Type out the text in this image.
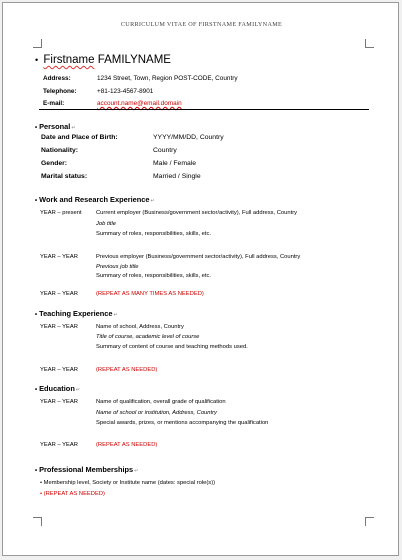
CURRICULUM VITAE OF FIRSTNAME FAMILYNAME
• Firstname FAMILYNAME
Address:	1234 Street, Town, Region POST-CODE, Country
Telephone:	+81-123-4567-8901
E-mail:	account.name@email.domain
• Personal↵
Date and Place of Birth:	YYYY/MM/DD, Country
Nationality:	Country
Gender:	Male / Female
Marital status:	Married / Single
• Work and Research Experience↵
YEAR – present Current employer (Business/government sector/activity), Full address, Country
Job title
Summary of roles, responsibilities, skills, etc.
YEAR – YEAR	Previous employer (Business/government sector/activity), Full address, Country
Previous job title
Summary of roles, responsibilities, skills, etc.
YEAR – YEAR	(REPEAT AS MANY TIMES AS NEEDED)
• Teaching Experience↵
YEAR – YEAR	Name of school, Address, Country
Title of course, academic level of course
Summary of content of course and teaching methods used.
YEAR – YEAR	(REPEAT AS NEEDED)
• Education↵
YEAR – YEAR	Name of qualification, overall grade of qualification
Name of school or institution, Address, Country
Special awards, prizes, or mentions accompanying the qualification
YEAR – YEAR	(REPEAT AS NEEDED)
• Professional Memberships↵
• Membership level, Society or Institute name (dates: special role(s))
• (REPEAT AS NEEDED)
